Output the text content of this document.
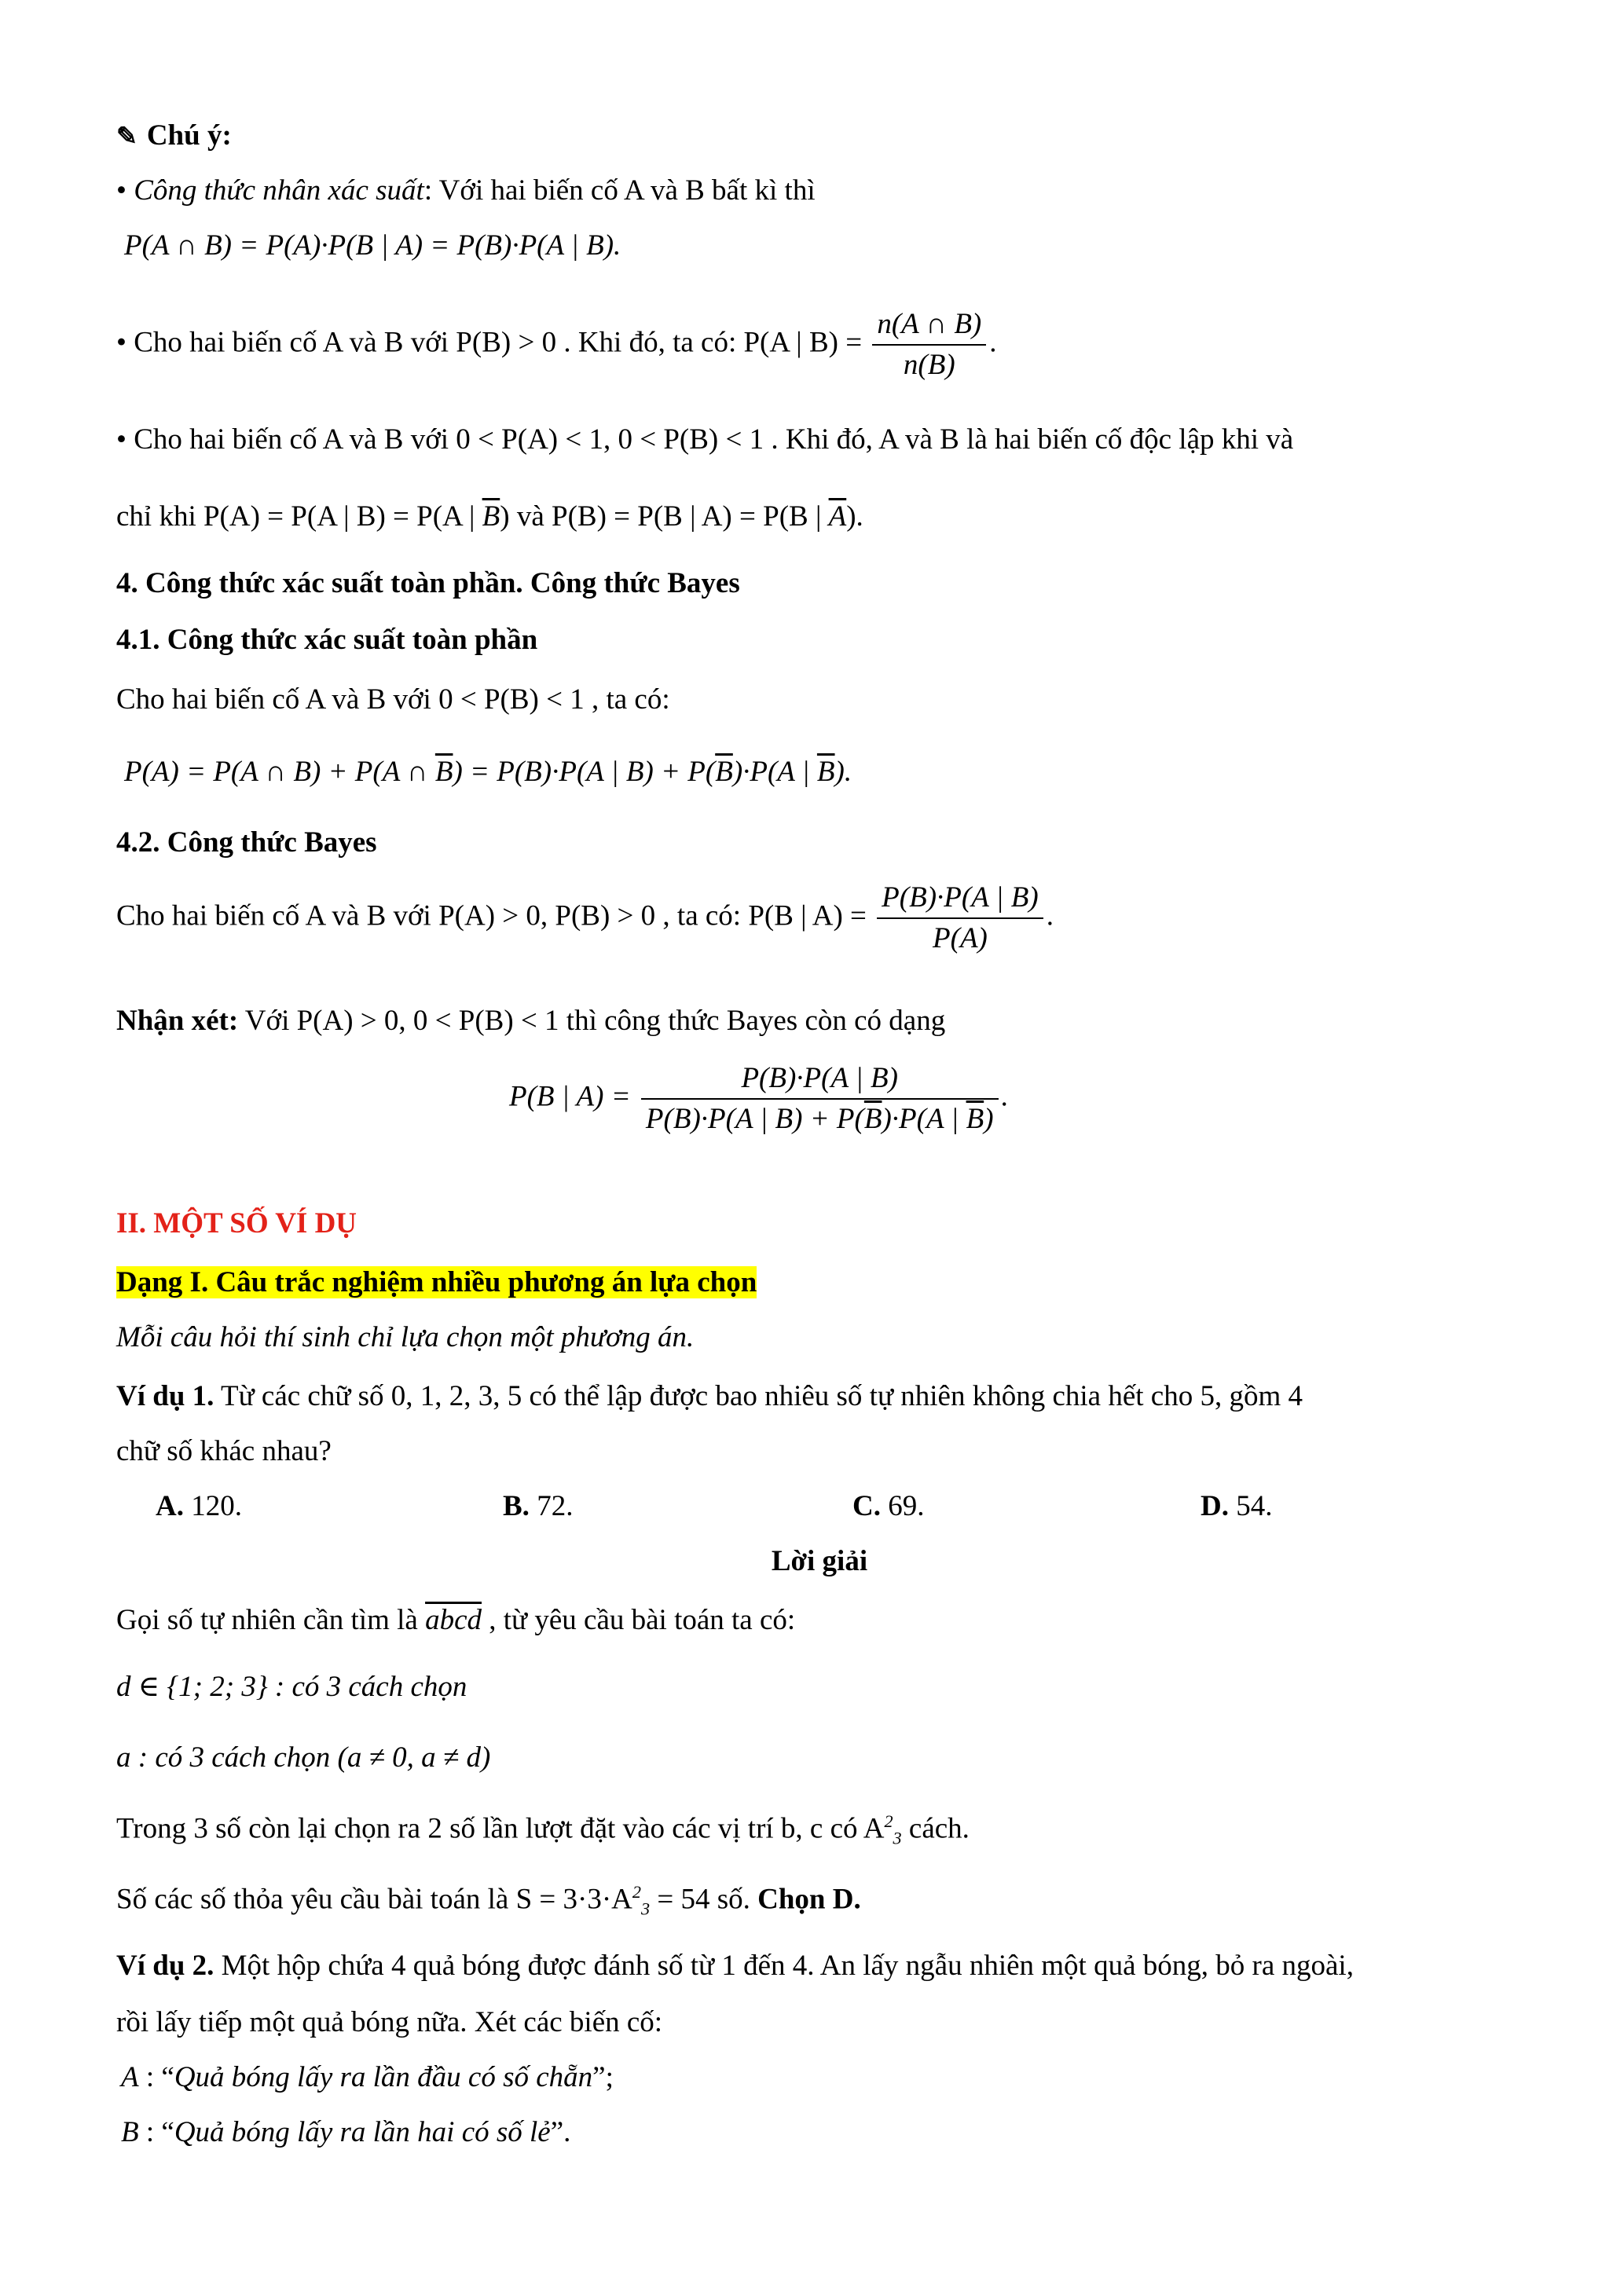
✎ Chú ý:
• Công thức nhân xác suất: Với hai biến cố A và B bất kì thì
P(A ∩ B) = P(A)·P(B | A) = P(B)·P(A | B).
• Cho hai biến cố A và B với P(B) > 0 . Khi đó, ta có: P(A | $B) = \frac{n(A \cap B)}{n(B)}$ .
• Cho hai biến cố A và B với 0 < P(A) < 1, 0 < P(B) < 1 . Khi đó, A và B là hai biến cố độc lập khi và
chỉ khi P(A) = P(A | B) = P(A | $\overline{B}$) và P(B) = P(B | A) = P(B | $\overline{A}$).
4. Công thức xác suất toàn phần. Công thức Bayes
4.1. Công thức xác suất toàn phần
Cho hai biến cố A và B với 0 < P(B) < 1 , ta có:
P(A) = P(A ∩ B) + P(A ∩ $\overline{B}) = P(B)\cdot P(A$ | $B) + P(\overline{B})\cdot P(A$ | $\overline{B}$).
4.2. Công thức Bayes
Cho hai biến cố A và B với P(A) > 0, P(B) > 0 , ta có: P(B | $A) = \frac{P(B)\cdot P(A | B)}{P(A)}$ .
Nhận xét: Với P(A) > 0, 0 < P(B) < 1 thì công thức Bayes còn có dạng
P(B | $A) = \frac{P(B)\cdot P(A | B)}{P(B)\cdot P(A | B) + P(\overline{B})\cdot P(A | \overline{B})}$ .
II. MỘT SỐ VÍ DỤ
Dạng I. Câu trắc nghiệm nhiều phương án lựa chọn
Mỗi câu hỏi thí sinh chỉ lựa chọn một phương án.
Ví dụ 1. Từ các chữ số 0, 1, 2, 3, 5 có thể lập được bao nhiêu số tự nhiên không chia hết cho 5, gồm 4
chữ số khác nhau?
A. 120.	B. 72.	C. 69.	D. 54.
Lời giải
Gọi số tự nhiên cần tìm là abcd , từ yêu cầu bài toán ta có:
d ∈ {1; 2; 3} : có 3 cách chọn
a : có 3 cách chọn (a ≠ 0, a ≠ d)
Trong 3 số còn lại chọn ra 2 số lần lượt đặt vào các vị trí b, c có $A^2_3$ cách.
Số các số thỏa yêu cầu bài toán là $S = 3\cdot 3\cdot A^2_3 = 54$ số. Chọn D.
Ví dụ 2. Một hộp chứa 4 quả bóng được đánh số từ 1 đến 4. An lấy ngẫu nhiên một quả bóng, bỏ ra ngoài,
rồi lấy tiếp một quả bóng nữa. Xét các biến cố:
A : “Quả bóng lấy ra lần đầu có số chẵn”;
B : “Quả bóng lấy ra lần hai có số lẻ”.
